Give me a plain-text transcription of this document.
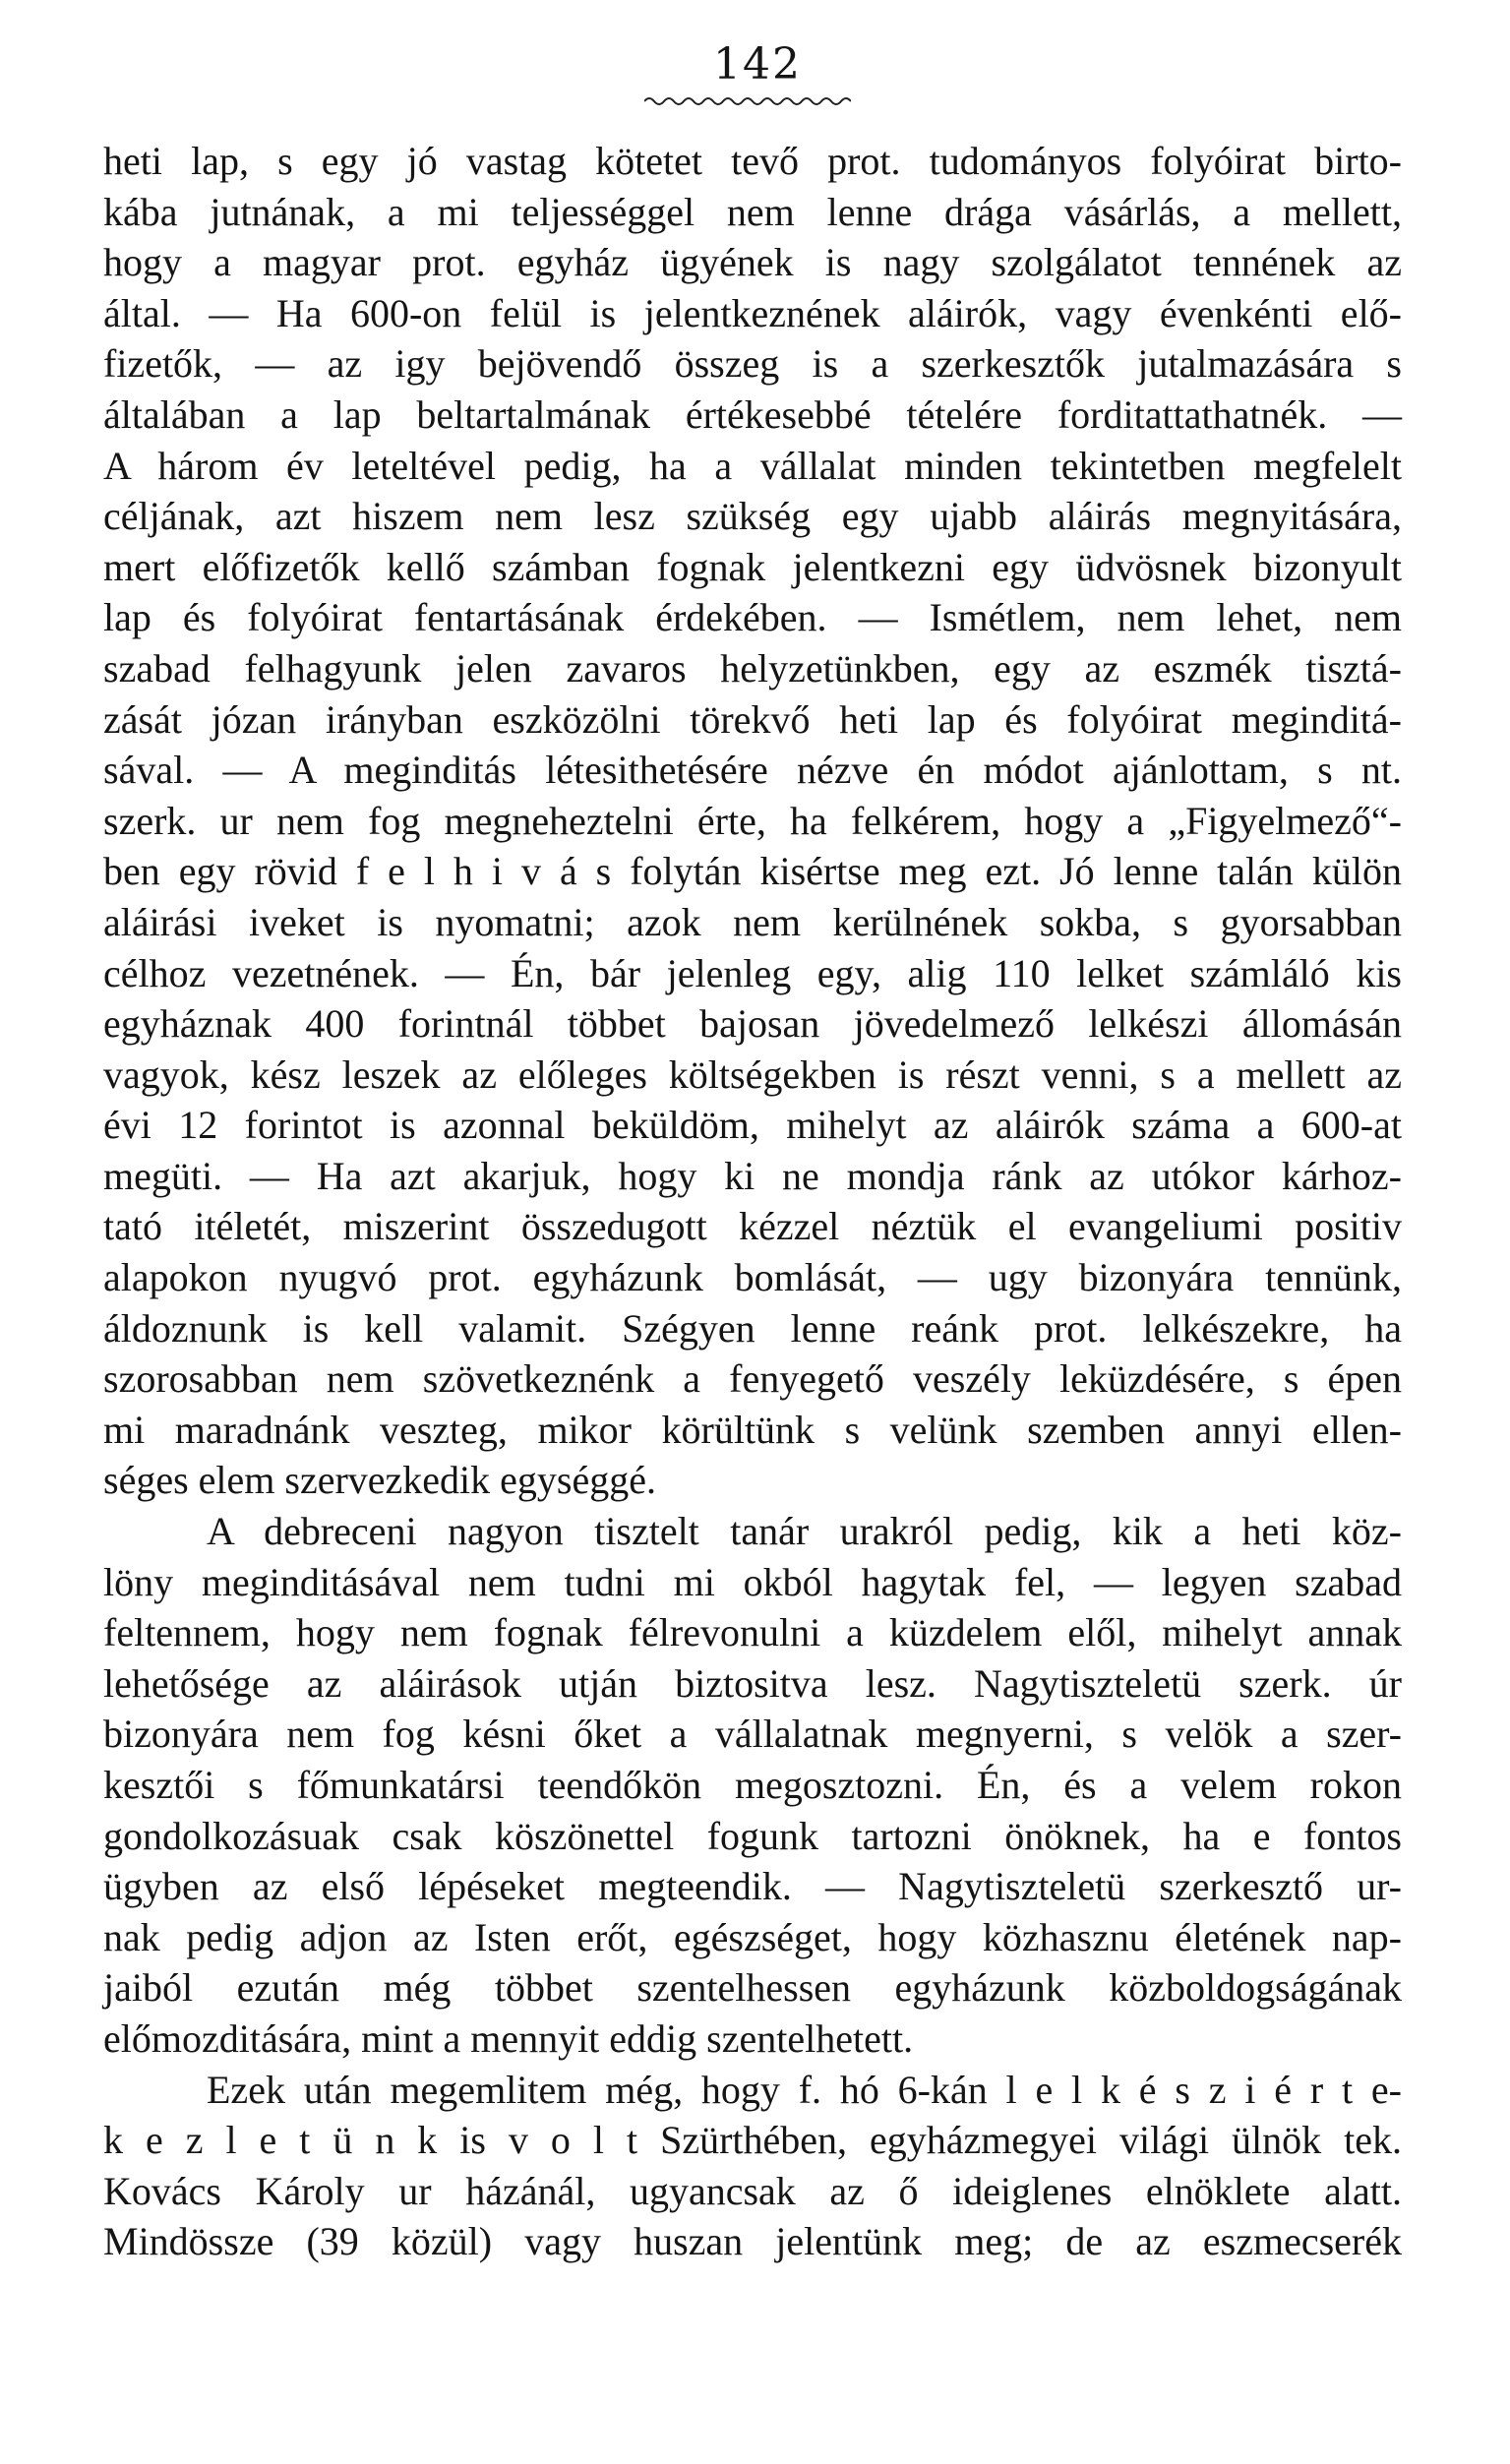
142
heti lap, s egy jó vastag kötetet tevő prot. tudományos folyóirat birto-
kába jutnának, a mi teljességgel nem lenne drága vásárlás, a mellett,
hogy a magyar prot. egyház ügyének is nagy szolgálatot tennének az
által. — Ha 600-on felül is jelentkeznének aláirók, vagy évenkénti elő-
fizetők, — az igy bejövendő összeg is a szerkesztők jutalmazására s
általában a lap beltartalmának értékesebbé tételére forditattathatnék. —
A három év leteltével pedig, ha a vállalat minden tekintetben megfelelt
céljának, azt hiszem nem lesz szükség egy ujabb aláirás megnyitására,
mert előfizetők kellő számban fognak jelentkezni egy üdvösnek bizonyult
lap és folyóirat fentartásának érdekében. — Ismétlem, nem lehet, nem
szabad felhagyunk jelen zavaros helyzetünkben, egy az eszmék tisztá-
zását józan irányban eszközölni törekvő heti lap és folyóirat meginditá-
sával. — A meginditás létesithetésére nézve én módot ajánlottam, s nt.
szerk. ur nem fog megneheztelni érte, ha felkérem, hogy a „Figyelmező“-
ben egy rövid f e l h i v á s folytán kisértse meg ezt. Jó lenne talán külön
aláirási iveket is nyomatni; azok nem kerülnének sokba, s gyorsabban
célhoz vezetnének. — Én, bár jelenleg egy, alig 110 lelket számláló kis
egyháznak 400 forintnál többet bajosan jövedelmező lelkészi állomásán
vagyok, kész leszek az előleges költségekben is részt venni, s a mellett az
évi 12 forintot is azonnal beküldöm, mihelyt az aláirók száma a 600-at
megüti. — Ha azt akarjuk, hogy ki ne mondja ránk az utókor kárhoz-
tató itéletét, miszerint összedugott kézzel néztük el evangeliumi positiv
alapokon nyugvó prot. egyházunk bomlását, — ugy bizonyára tennünk,
áldoznunk is kell valamit. Szégyen lenne reánk prot. lelkészekre, ha
szorosabban nem szövetkeznénk a fenyegető veszély leküzdésére, s épen
mi maradnánk veszteg, mikor körültünk s velünk szemben annyi ellen-
séges elem szervezkedik egységgé.
A debreceni nagyon tisztelt tanár urakról pedig, kik a heti köz-
löny meginditásával nem tudni mi okból hagytak fel, — legyen szabad
feltennem, hogy nem fognak félrevonulni a küzdelem elől, mihelyt annak
lehetősége az aláirások utján biztositva lesz. Nagytiszteletü szerk. úr
bizonyára nem fog késni őket a vállalatnak megnyerni, s velök a szer-
kesztői s főmunkatársi teendőkön megosztozni. Én, és a velem rokon
gondolkozásuak csak köszönettel fogunk tartozni önöknek, ha e fontos
ügyben az első lépéseket megteendik. — Nagytiszteletü szerkesztő ur-
nak pedig adjon az Isten erőt, egészséget, hogy közhasznu életének nap-
jaiból ezután még többet szentelhessen egyházunk közboldogságának
előmozditására, mint a mennyit eddig szentelhetett.
Ezek után megemlitem még, hogy f. hó 6-kán l e l k é s z i é r t e-
k e z l e t ü n k is v o l t Szürthében, egyházmegyei világi ülnök tek.
Kovács Károly ur házánál, ugyancsak az ő ideiglenes elnöklete alatt.
Mindössze (39 közül) vagy huszan jelentünk meg; de az eszmecserék
